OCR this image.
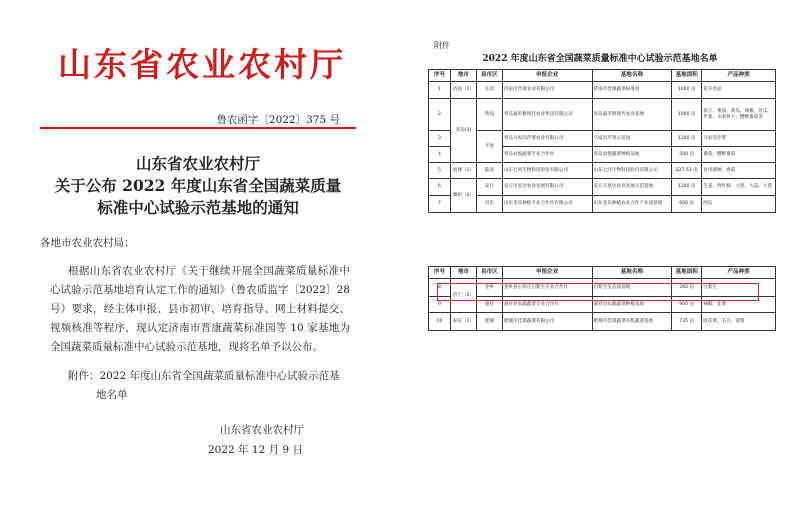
山东省农业农村厅
鲁农函字〔2022〕375 号
山东省农业农村厅
关于公布 2022 年度山东省全国蔬菜质量
标准中心试验示范基地的通知
各地市农业农村局：
根据山东省农业农村厅《关于继续开展全国蔬菜质量标准中心试验示范基地培育认定工作的通知》（鲁农质监字〔2022〕28 号）要求，经主体申报、县市初审、培育指导、网上材料提交、视频核准等程序，现认定济南市晋康蔬菜标准园等 10 家基地为全国蔬菜质量标准中心试验示范基地，现将名单予以公布。
附件：2022 年度山东省全国蔬菜质量标准中心试验示范基
地名单
山东省农业农村厅
2022 年 12 月 9 日
附件
2022 年度山东省全国蔬菜质量标准中心试验示范基地名单
序号	地市	县市区	申报企业	基地名称	基地面积	产品种类
1	济南（1）	长清	济南市晋康农业有限公司	济南市晋康蔬菜标准园	1000 亩	花卉食品
2	青岛(3)	黄岛	青岛嘉禾耕现代农业集团有限公司	青岛嘉禾耕现代农业基地	1000 亩	茄子、番茄、黄瓜、辣椒、丝瓜、芹菜、水果萝卜、樱桃番茄等
3		平度	青岛马家沟芹菜农业有限公司	马家沟芹菜示范园	1200 亩	马家沟芹菜
4			青岛农悦蔬菜专业合作社	青岛农悦蔬菜种植基地	500 亩	番茄、樱桃番茄
5	淄博（1）	临淄	山东七河生物科技股份有限公司	山东七河生物科技股份有限公司	227.53 亩	食用菌种、香菇
6	潍坊（2）	安丘	安丘市星达农业发展有限公司	安丘市星达农业发展示范基地	1200 亩	生姜、西红柿、大葱、大蒜、大葱
7		昌乐	山东金乐种植专业合作社有限公司	山东金乐种植农业合作产业园基地	600 亩	西瓜
序号	地市	县市区	申报企业	基地名称	基地面积	产品种类
8	济宁（2）	金乡	金乡县小彭庄白紫生专业合作社	白紫生生态园基地	260 亩	白紫生
9		嘉祥	嘉祥县农蔬蔬菜专业合作社	嘉祥县农蔬蔬菜种植基地	900 亩	辣椒、韭菜
10	泰安（1）	肥城	肥城市佳康蔬菜有限公司	肥城市佳康蔬菜有机蔬菜基地	735 亩	绿花菜、毛豆、菠菜
